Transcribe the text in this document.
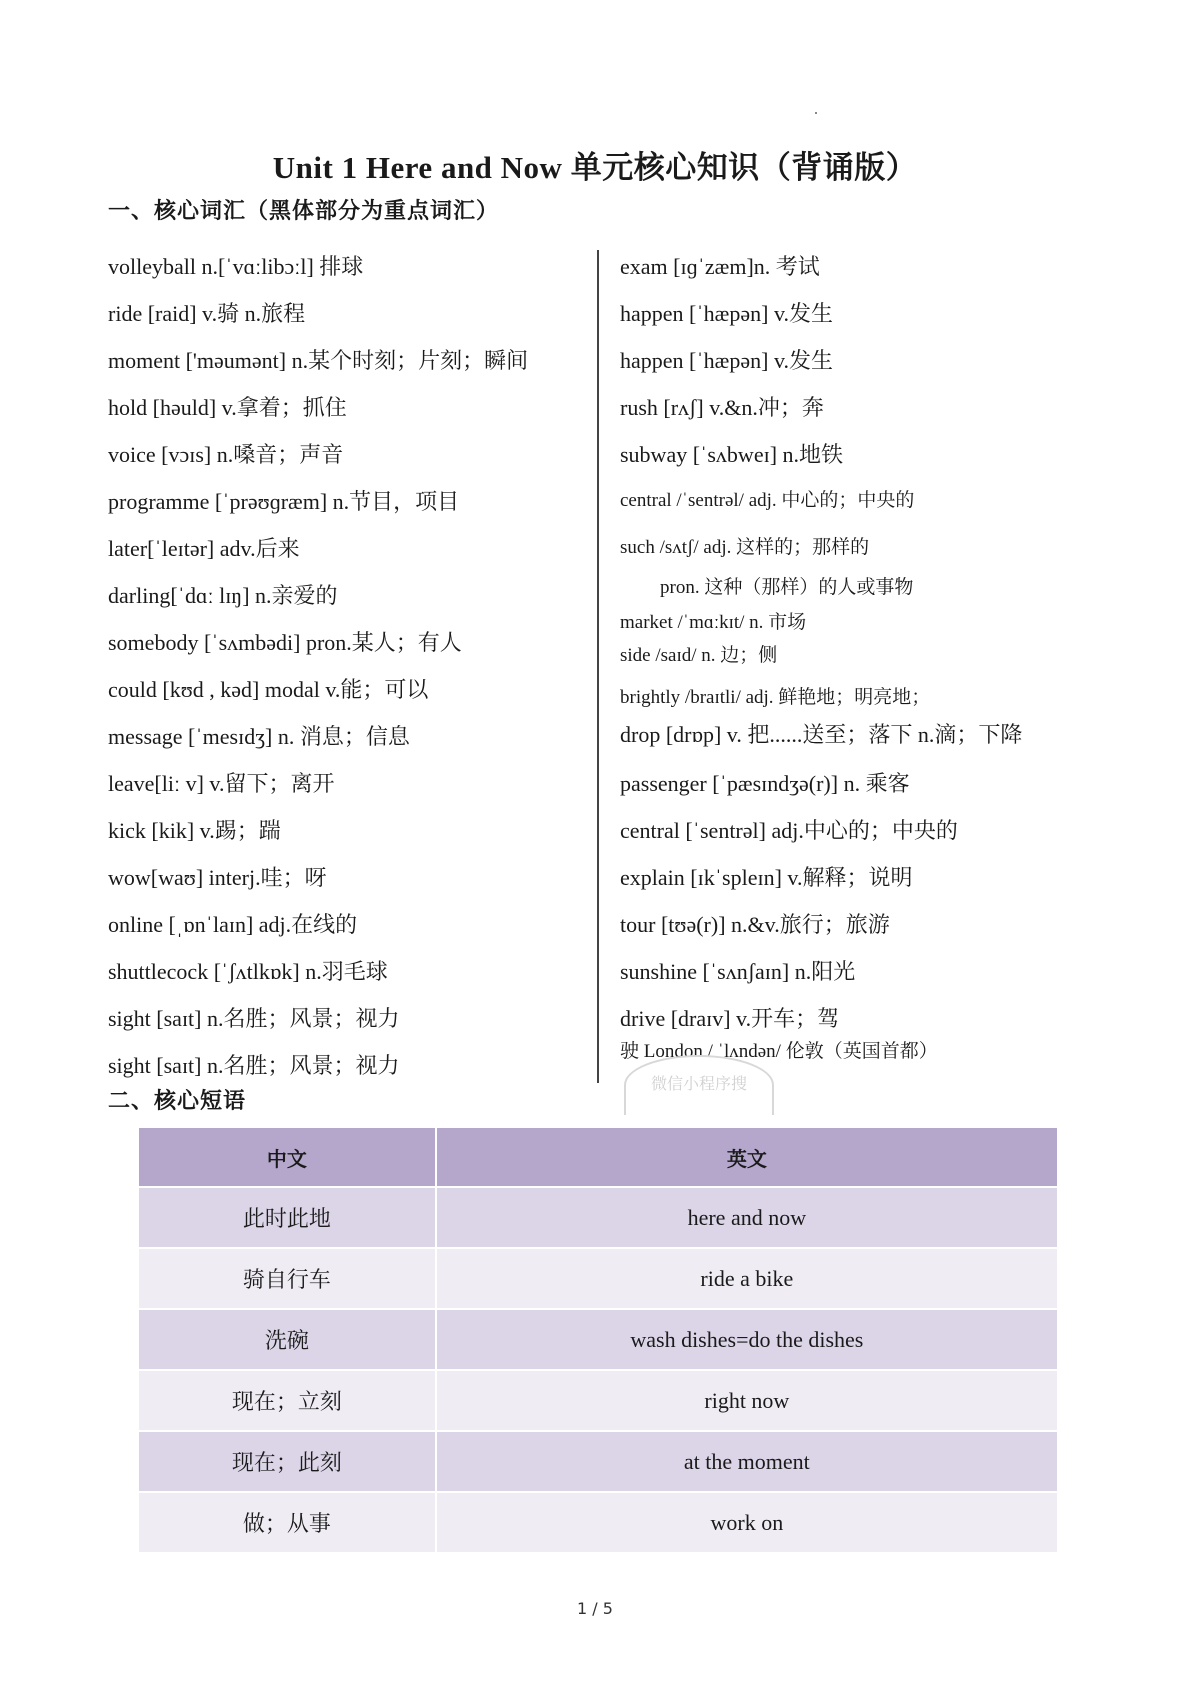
Unit 1 Here and Now 单元核心知识（背诵版）
一、核心词汇（黑体部分为重点词汇）
volleyball n.[ˈvɑːlibɔːl] 排球
ride [raid] v.骑 n.旅程
moment ['məumənt] n.某个时刻；片刻；瞬间
hold [həuld] v.拿着；抓住
voice [vɔɪs] n.嗓音；声音
programme [ˈprəʊɡræm] n.节目，项目
later[ˈleɪtər] adv.后来
darling[ˈdɑː lɪŋ] n.亲爱的
somebody [ˈsʌmbədi] pron.某人；有人
could [kʊd , kəd] modal v.能；可以
message [ˈmesɪdʒ] n. 消息；信息
leave[liː v] v.留下；离开
kick [kik] v.踢；踹
wow[waʊ] interj.哇；呀
online [ˌɒnˈlaɪn] adj.在线的
shuttlecock [ˈʃʌtlkɒk] n.羽毛球
sight [saɪt] n.名胜；风景；视力
sight [saɪt] n.名胜；风景；视力
exam [ɪɡˈzæm]n. 考试
happen [ˈhæpən] v.发生
happen [ˈhæpən] v.发生
rush [rʌʃ] v.&n.冲；奔
subway [ˈsʌbweɪ] n.地铁
central /ˈsentrəl/ adj. 中心的；中央的
such /sʌtʃ/ adj. 这样的；那样的
pron. 这种（那样）的人或事物
market /ˈmɑːkɪt/ n. 市场
side /saɪd/ n. 边；侧
brightly /braɪtli/ adj. 鲜艳地；明亮地；
drop [drɒp] v. 把......送至；落下 n.滴；下降
passenger [ˈpæsɪndʒə(r)] n. 乘客
central [ˈsentrəl] adj.中心的；中央的
explain [ɪkˈspleɪn] v.解释；说明
tour [tʊə(r)] n.&v.旅行；旅游
sunshine [ˈsʌnʃaɪn] n.阳光
drive [draɪv] v.开车；驾
驶 London / ˈlʌndən/ 伦敦（英国首都）
微信小程序搜
二、核心短语
中文	英文
此时此地	here and now
骑自行车	ride a bike
洗碗	wash dishes=do the dishes
现在；立刻	right now
现在；此刻	at the moment
做；从事	work on
1 / 5
